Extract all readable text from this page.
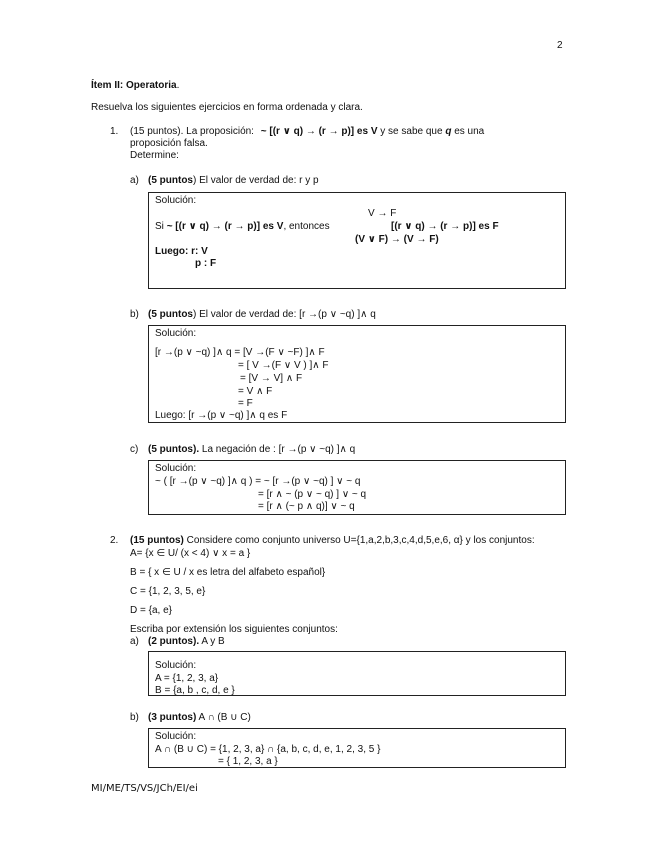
2
Ítem II: Operatoria.
Resuelva los siguientes ejercicios en forma ordenada y clara.
1. (15 puntos). La proposición: ~ [(r ∨ q) → (r → p)] es V y se sabe que q es una
proposición falsa.
Determine:
a) (5 puntos) El valor de verdad de: r y p
Solución:
V → F
Si ~ [(r ∨ q) → (r → p)] es V, entonces	[(r ∨ q) → (r → p)] es F
(V ∨ F) → (V → F)
Luego: r: V
p : F
b) (5 puntos) El valor de verdad de: [r →(p ∨ ~q) ]∧ q
Solución:
[r →(p ∨ ~q) ]∧ q = [V →(F ∨ ~F) ]∧ F
= [ V →(F ∨ V ) ]∧ F
= [V → V] ∧ F
= V ∧ F
= F
Luego: [r →(p ∨ ~q) ]∧ q es F
c) (5 puntos). La negación de : [r →(p ∨ ~q) ]∧ q
Solución:
~ ( [r →(p ∨ ~q) ]∧ q ) = ~ [r →(p ∨ ~q) ] ∨ ~ q
= [r ∧ ~ (p ∨ ~ q) ] ∨ ~ q
= [r ∧ (~ p ∧ q)] ∨ ~ q
2. (15 puntos) Considere como conjunto universo U={1,a,2,b,3,c,4,d,5,e,6, α} y los conjuntos:
A= {x ∈ U/ (x < 4) ∨ x = a }
B = { x ∈ U / x es letra del alfabeto español}
C = {1, 2, 3, 5, e}
D = {a, e}
Escriba por extensión los siguientes conjuntos:
a) (2 puntos). A y B
Solución:
A = {1, 2, 3, a}
B = {a, b , c, d, e }
b) (3 puntos) A ∩ (B ∪ C)
Solución:
A ∩ (B ∪ C) = {1, 2, 3, a} ∩ {a, b, c, d, e, 1, 2, 3, 5 }
= { 1, 2, 3, a }
MI/ME/TS/VS/JCh/EI/ei
